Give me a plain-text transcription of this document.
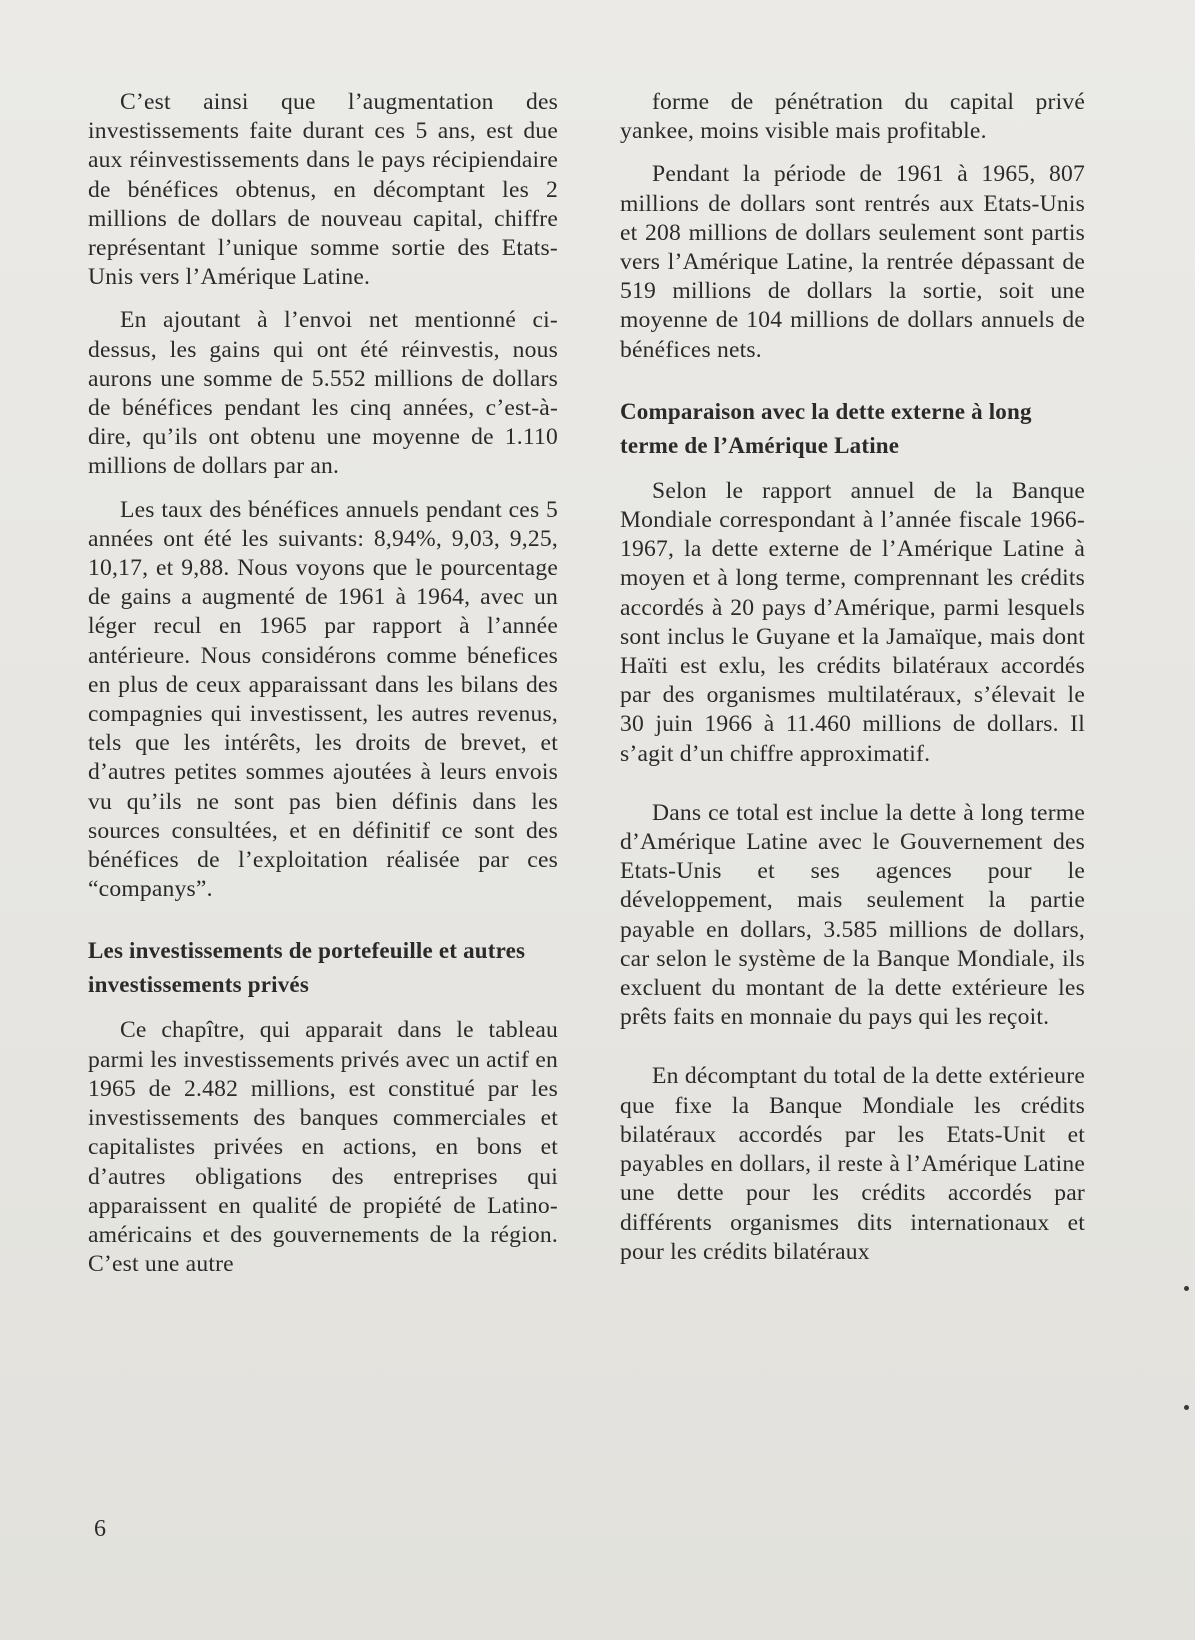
C’est ainsi que l’augmentation des investissements faite durant ces 5 ans, est due aux réinvestissements dans le pays récipiendaire de bénéfices obtenus, en décomptant les 2 millions de dollars de nouveau capital, chiffre représentant l’unique somme sortie des Etats-Unis vers l’Amérique Latine.

En ajoutant à l’envoi net mentionné ci-dessus, les gains qui ont été réinvestis, nous aurons une somme de 5.552 millions de dollars de bénéfices pendant les cinq années, c’est-à-dire, qu’ils ont obtenu une moyenne de 1.110 millions de dollars par an.

Les taux des bénéfices annuels pendant ces 5 années ont été les suivants: 8,94%, 9,03, 9,25, 10,17, et 9,88. Nous voyons que le pourcentage de gains a augmenté de 1961 à 1964, avec un léger recul en 1965 par rapport à l’année antérieure. Nous considérons comme bénefices en plus de ceux apparaissant dans les bilans des compagnies qui investissent, les autres revenus, tels que les intérêts, les droits de brevet, et d’autres petites sommes ajoutées à leurs envois vu qu’ils ne sont pas bien définis dans les sources consultées, et en définitif ce sont des bénéfices de l’exploitation réalisée par ces “companys”.

Les investissements de portefeuille et autres investissements privés

Ce chapître, qui apparait dans le tableau parmi les investissements privés avec un actif en 1965 de 2.482 millions, est constitué par les investissements des banques commerciales et capitalistes privées en actions, en bons et d’autres obligations des entreprises qui apparaissent en qualité de propiété de Latino-américains et des gouvernements de la région. C’est une autre

forme de pénétration du capital privé yankee, moins visible mais profitable.

Pendant la période de 1961 à 1965, 807 millions de dollars sont rentrés aux Etats-Unis et 208 millions de dollars seulement sont partis vers l’Amérique Latine, la rentrée dépassant de 519 millions de dollars la sortie, soit une moyenne de 104 millions de dollars annuels de bénéfices nets.

Comparaison avec la dette externe à long terme de l’Amérique Latine

Selon le rapport annuel de la Banque Mondiale correspondant à l’année fiscale 1966-1967, la dette externe de l’Amérique Latine à moyen et à long terme, comprennant les crédits accordés à 20 pays d’Amérique, parmi lesquels sont inclus le Guyane et la Jamaïque, mais dont Haïti est exlu, les crédits bilatéraux accordés par des organismes multilatéraux, s’élevait le 30 juin 1966 à 11.460 millions de dollars. Il s’agit d’un chiffre approximatif.

Dans ce total est inclue la dette à long terme d’Amérique Latine avec le Gouvernement des Etats-Unis et ses agences pour le développement, mais seulement la partie payable en dollars, 3.585 millions de dollars, car selon le système de la Banque Mondiale, ils excluent du montant de la dette extérieure les prêts faits en monnaie du pays qui les reçoit.

En décomptant du total de la dette extérieure que fixe la Banque Mondiale les crédits bilatéraux accordés par les Etats-Unit et payables en dollars, il reste à l’Amérique Latine une dette pour les crédits accordés par différents organismes dits internationaux et pour les crédits bilatéraux

6
